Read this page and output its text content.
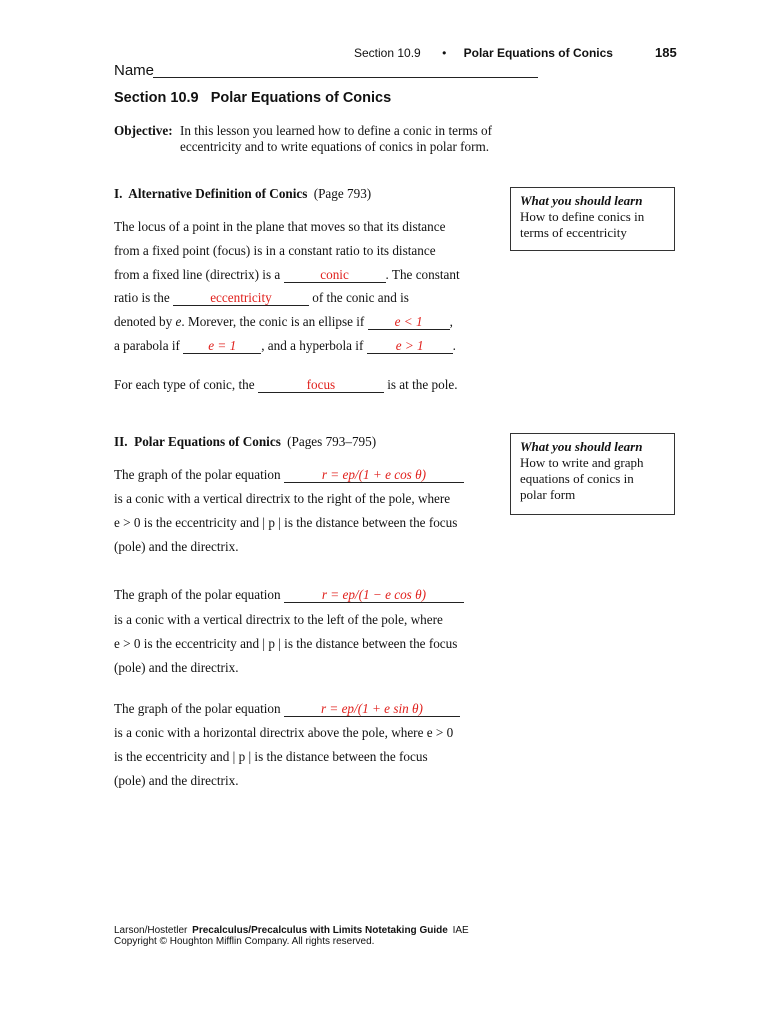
Section 10.9 • Polar Equations of Conics	185
Name
Section 10.9   Polar Equations of Conics
Objective: In this lesson you learned how to define a conic in terms of
eccentricity and to write equations of conics in polar form.
I.  Alternative Definition of Conics (Page 793)	What you should learn
How to define conics in
terms of eccentricity
The locus of a point in the plane that moves so that its distance
from a fixed point (focus) is in a constant ratio to its distance
from a fixed line (directrix) is a	conic	. The constant
ratio is the	eccentricity	of the conic and is
denoted by e. Morever, the conic is an ellipse if e < 1 ,
a parabola if e = 1 , and a hyperbola if e > 1 .
For each type of conic, the	focus	is at the pole.
II.  Polar Equations of Conics (Pages 793–795)	What you should learn
How to write and graph
equations of conics in
polar form
The graph of the polar equation	r = ep/(1 + e cos θ)
is a conic with a vertical directrix to the right of the pole, where
e > 0 is the eccentricity and | p | is the distance between the focus
(pole) and the directrix.
The graph of the polar equation	r = ep/(1 − e cos θ)
is a conic with a vertical directrix to the left of the pole, where
e > 0 is the eccentricity and | p | is the distance between the focus
(pole) and the directrix.
The graph of the polar equation	r = ep/(1 + e sin θ)
is a conic with a horizontal directrix above the pole, where e > 0
is the eccentricity and | p | is the distance between the focus
(pole) and the directrix.
Larson/Hostetler Precalculus/Precalculus with Limits Notetaking Guide IAE
Copyright © Houghton Mifflin Company. All rights reserved.
